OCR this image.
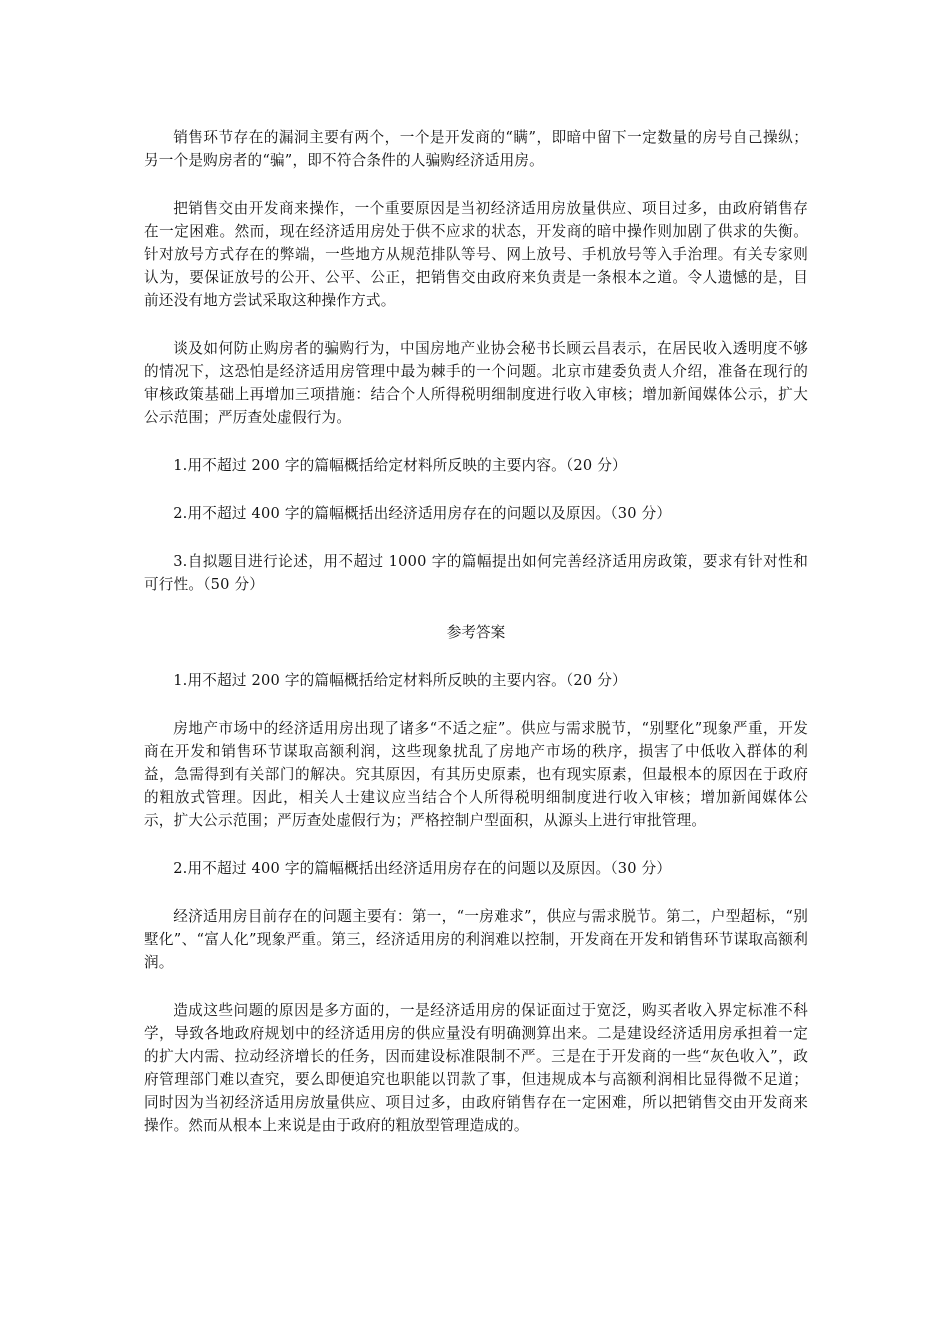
销售环节存在的漏洞主要有两个，一个是开发商的“瞒”，即暗中留下一定数量的房号自己操纵；另一个是购房者的“骗”，即不符合条件的人骗购经济适用房。

把销售交由开发商来操作，一个重要原因是当初经济适用房放量供应、项目过多，由政府销售存在一定困难。然而，现在经济适用房处于供不应求的状态，开发商的暗中操作则加剧了供求的失衡。针对放号方式存在的弊端，一些地方从规范排队等号、网上放号、手机放号等入手治理。有关专家则认为，要保证放号的公开、公平、公正，把销售交由政府来负责是一条根本之道。令人遗憾的是，目前还没有地方尝试采取这种操作方式。

谈及如何防止购房者的骗购行为，中国房地产业协会秘书长顾云昌表示，在居民收入透明度不够的情况下，这恐怕是经济适用房管理中最为棘手的一个问题。北京市建委负责人介绍，准备在现行的审核政策基础上再增加三项措施：结合个人所得税明细制度进行收入审核；增加新闻媒体公示，扩大公示范围；严厉查处虚假行为。

1.用不超过 200 字的篇幅概括给定材料所反映的主要内容。（20 分）

2.用不超过 400 字的篇幅概括出经济适用房存在的问题以及原因。（30 分）

3.自拟题目进行论述，用不超过 1000 字的篇幅提出如何完善经济适用房政策，要求有针对性和可行性。（50 分）

参考答案

1.用不超过 200 字的篇幅概括给定材料所反映的主要内容。（20 分）

房地产市场中的经济适用房出现了诸多“不适之症”。供应与需求脱节，“别墅化”现象严重，开发商在开发和销售环节谋取高额利润，这些现象扰乱了房地产市场的秩序，损害了中低收入群体的利益，急需得到有关部门的解决。究其原因，有其历史原素，也有现实原素，但最根本的原因在于政府的粗放式管理。因此，相关人士建议应当结合个人所得税明细制度进行收入审核；增加新闻媒体公示，扩大公示范围；严厉查处虚假行为；严格控制户型面积，从源头上进行审批管理。

2.用不超过 400 字的篇幅概括出经济适用房存在的问题以及原因。（30 分）

经济适用房目前存在的问题主要有：第一，“一房难求”，供应与需求脱节。第二，户型超标，“别墅化”、“富人化”现象严重。第三，经济适用房的利润难以控制，开发商在开发和销售环节谋取高额利润。

造成这些问题的原因是多方面的，一是经济适用房的保证面过于宽泛，购买者收入界定标准不科学，导致各地政府规划中的经济适用房的供应量没有明确测算出来。二是建设经济适用房承担着一定的扩大内需、拉动经济增长的任务，因而建设标准限制不严。三是在于开发商的一些“灰色收入”，政府管理部门难以查究，要么即便追究也职能以罚款了事，但违规成本与高额利润相比显得微不足道；同时因为当初经济适用房放量供应、项目过多，由政府销售存在一定困难，所以把销售交由开发商来操作。然而从根本上来说是由于政府的粗放型管理造成的。
